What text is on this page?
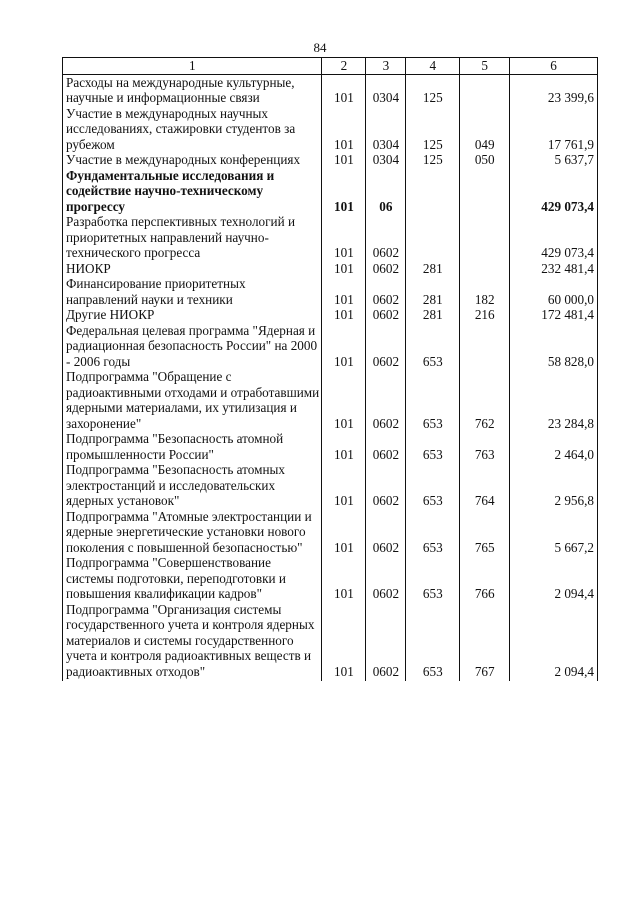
84
1	2	3	4	5	6
Расходы на международные культурные, научные и информационные связи	101	0304	125		23 399,6
Участие в международных научных исследованиях, стажировки студентов за рубежом	101	0304	125	049	17 761,9
Участие в международных конференциях	101	0304	125	050	5 637,7
Фундаментальные исследования и содействие научно-техническому прогрессу	101	06			429 073,4
Разработка перспективных технологий и приоритетных направлений научно-технического прогресса	101	0602			429 073,4
НИОКР	101	0602	281		232 481,4
Финансирование приоритетных направлений науки и техники	101	0602	281	182	60 000,0
Другие НИОКР	101	0602	281	216	172 481,4
Федеральная целевая программа "Ядерная и радиационная безопасность России" на 2000 - 2006 годы	101	0602	653		58 828,0
Подпрограмма "Обращение с радиоактивными отходами и отработавшими ядерными материалами, их утилизация и захоронение"	101	0602	653	762	23 284,8
Подпрограмма "Безопасность атомной промышленности России"	101	0602	653	763	2 464,0
Подпрограмма "Безопасность атомных электростанций и исследовательских ядерных установок"	101	0602	653	764	2 956,8
Подпрограмма "Атомные электростанции и ядерные энергетические установки нового поколения с повышенной безопасностью"	101	0602	653	765	5 667,2
Подпрограмма "Совершенствование системы подготовки, переподготовки и повышения квалификации кадров"	101	0602	653	766	2 094,4
Подпрограмма "Организация системы государственного учета и контроля ядерных материалов и системы государственного учета и контроля радиоактивных веществ и радиоактивных отходов"	101	0602	653	767	2 094,4
